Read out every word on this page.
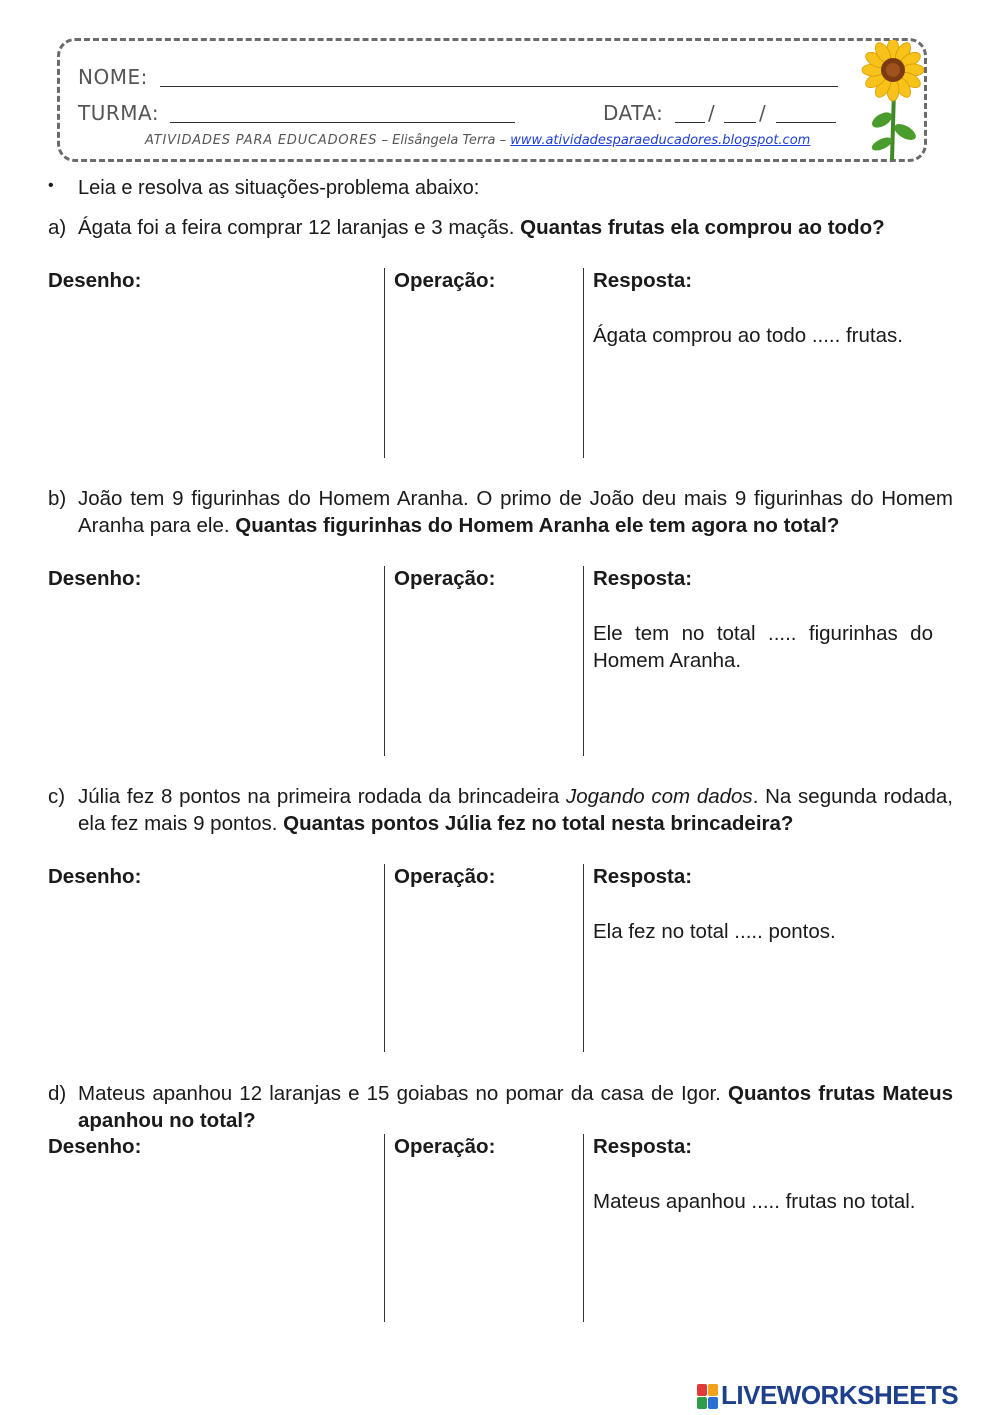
NOME:
TURMA:	DATA: / /
ATIVIDADES PARA EDUCADORES – Elisângela Terra – www.atividadesparaeducadores.blogspot.com
• Leia e resolva as situações-problema abaixo:
a) Ágata foi a feira comprar 12 laranjas e 3 maçãs. Quantas frutas ela comprou ao todo?
Desenho:	Operação:	Resposta:
Ágata comprou ao todo ..... frutas.
b) João tem 9 figurinhas do Homem Aranha. O primo de João deu mais 9 figurinhas do Homem Aranha para ele. Quantas figurinhas do Homem Aranha ele tem agora no total?
Desenho:	Operação:	Resposta:
Ele tem no total ..... figurinhas do Homem Aranha.
c) Júlia fez 8 pontos na primeira rodada da brincadeira Jogando com dados. Na segunda rodada, ela fez mais 9 pontos. Quantas pontos Júlia fez no total nesta brincadeira?
Desenho:	Operação:	Resposta:
Ela fez no total ..... pontos.
d) Mateus apanhou 12 laranjas e 15 goiabas no pomar da casa de Igor. Quantos frutas Mateus apanhou no total?
Desenho:	Operação:	Resposta:
Mateus apanhou ..... frutas no total.
LIVEWORKSHEETS
